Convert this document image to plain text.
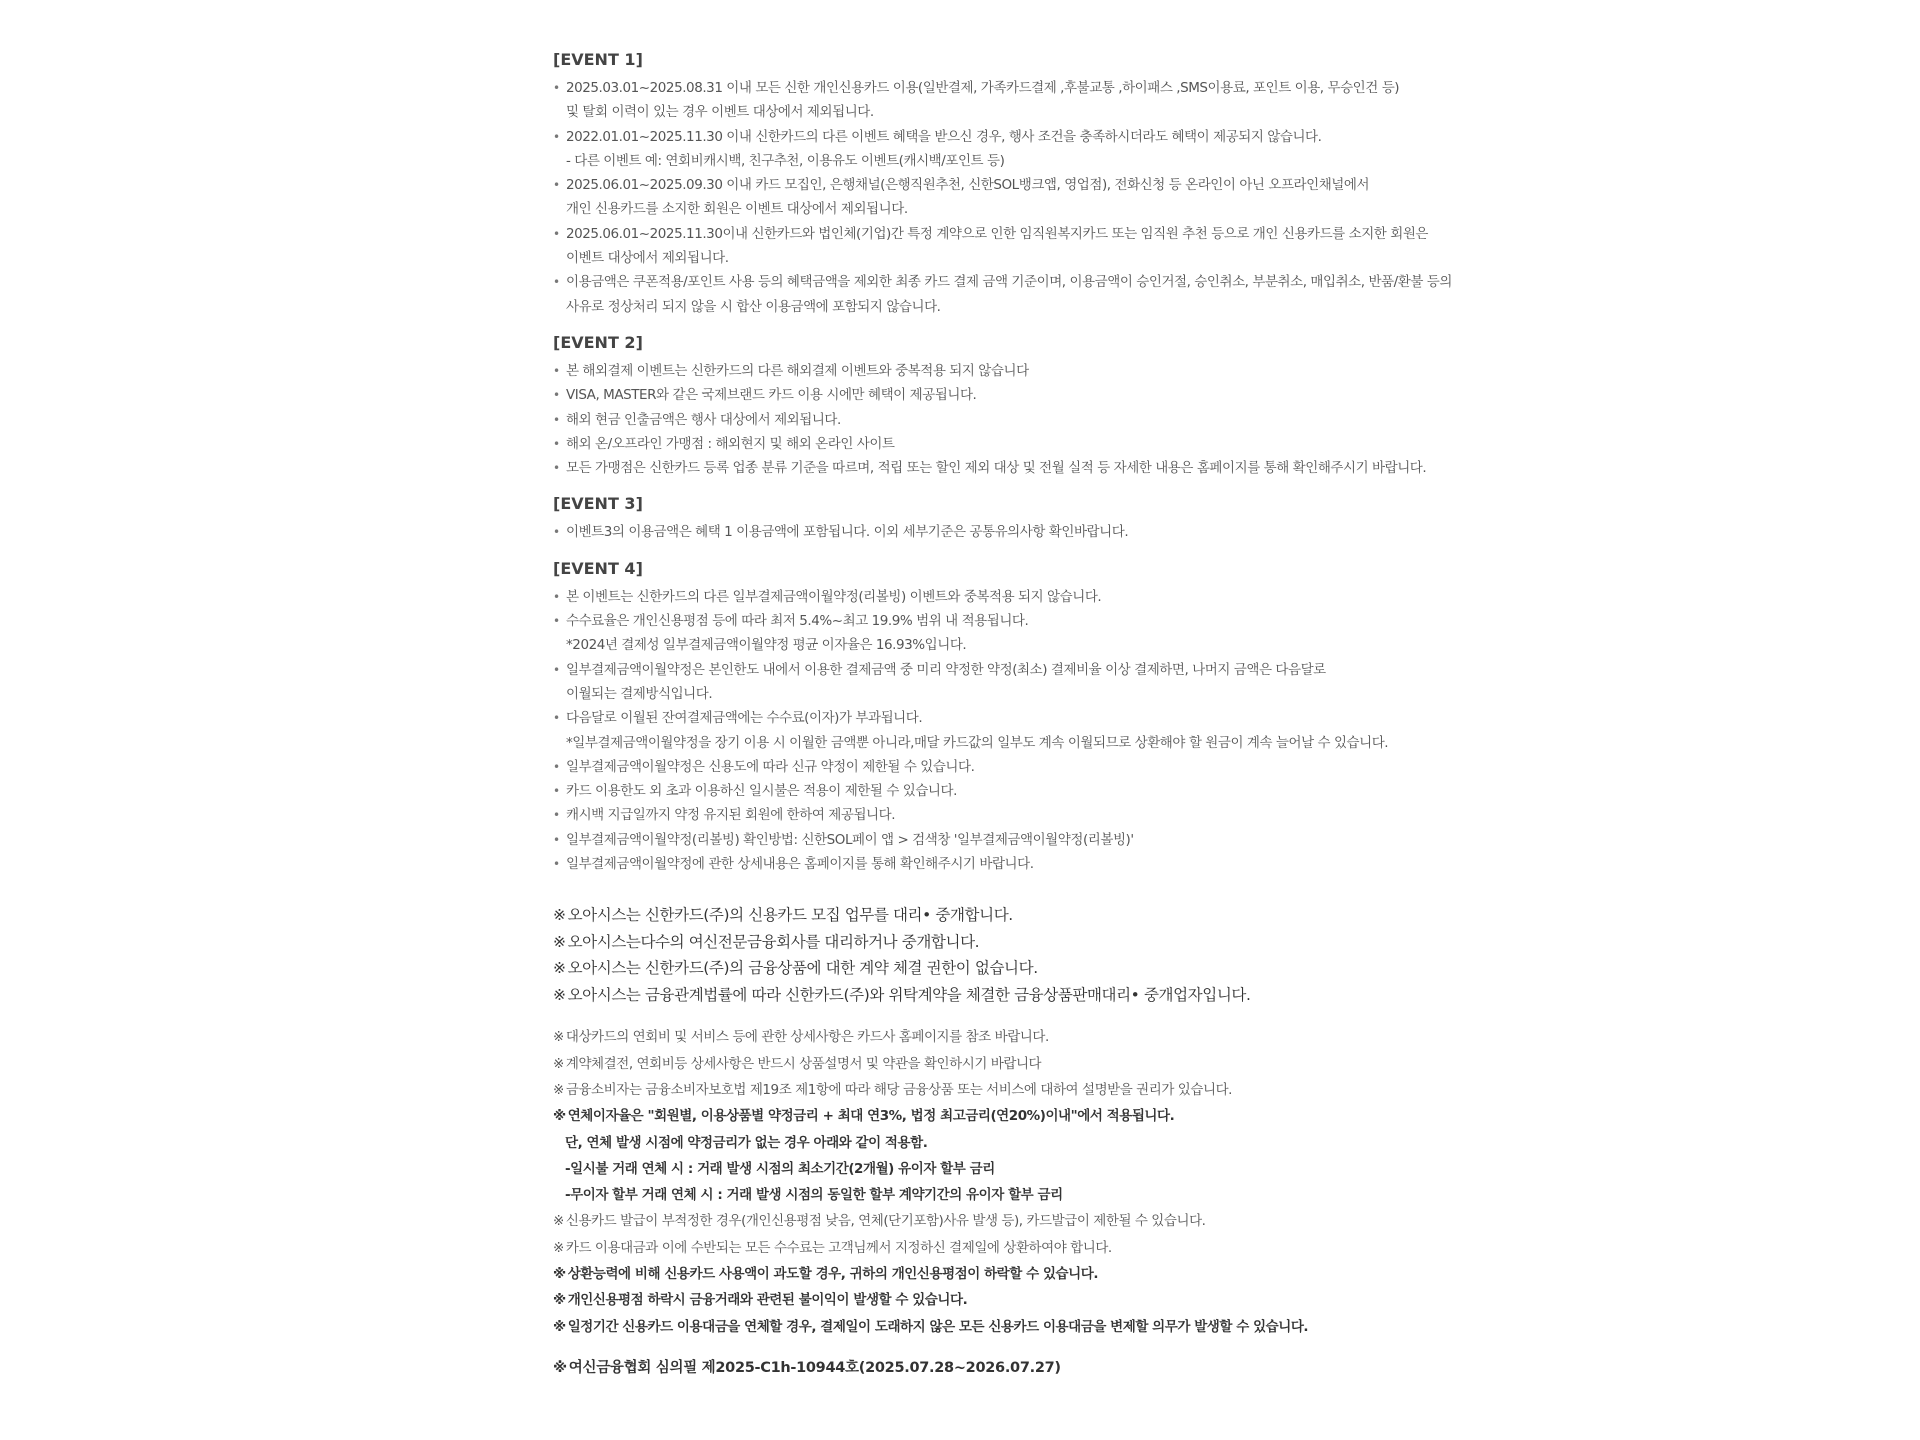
[EVENT 1]
• 2025.03.01~2025.08.31 이내 모든 신한 개인신용카드 이용(일반결제, 가족카드결제 ,후불교통 ,하이패스 ,SMS이용료, 포인트 이용, 무승인건 등)
및 탈회 이력이 있는 경우 이벤트 대상에서 제외됩니다.
• 2022.01.01~2025.11.30 이내 신한카드의 다른 이벤트 혜택을 받으신 경우, 행사 조건을 충족하시더라도 혜택이 제공되지 않습니다.
- 다른 이벤트 예: 연회비캐시백, 친구추천, 이용유도 이벤트(캐시백/포인트 등)
• 2025.06.01~2025.09.30 이내 카드 모집인, 은행채널(은행직원추천, 신한SOL뱅크앱, 영업점), 전화신청 등 온라인이 아닌 오프라인채널에서
개인 신용카드를 소지한 회원은 이벤트 대상에서 제외됩니다.
• 2025.06.01~2025.11.30이내 신한카드와 법인체(기업)간 특정 계약으로 인한 임직원복지카드 또는 임직원 추천 등으로 개인 신용카드를 소지한 회원은
이벤트 대상에서 제외됩니다.
• 이용금액은 쿠폰적용/포인트 사용 등의 혜택금액을 제외한 최종 카드 결제 금액 기준이며, 이용금액이 승인거절, 승인취소, 부분취소, 매입취소, 반품/환불 등의
사유로 정상처리 되지 않을 시 합산 이용금액에 포함되지 않습니다.
[EVENT 2]
• 본 해외결제 이벤트는 신한카드의 다른 해외결제 이벤트와 중복적용 되지 않습니다
• VISA, MASTER와 같은 국제브랜드 카드 이용 시에만 혜택이 제공됩니다.
• 해외 현금 인출금액은 행사 대상에서 제외됩니다.
• 해외 온/오프라인 가맹점 : 해외현지 및 해외 온라인 사이트
• 모든 가맹점은 신한카드 등록 업종 분류 기준을 따르며, 적립 또는 할인 제외 대상 및 전월 실적 등 자세한 내용은 홈페이지를 통해 확인해주시기 바랍니다.
[EVENT 3]
• 이벤트3의 이용금액은 혜택 1 이용금액에 포함됩니다. 이외 세부기준은 공통유의사항 확인바랍니다.
[EVENT 4]
• 본 이벤트는 신한카드의 다른 일부결제금액이월약정(리볼빙) 이벤트와 중복적용 되지 않습니다.
• 수수료율은 개인신용평점 등에 따라 최저 5.4%~최고 19.9% 범위 내 적용됩니다.
*2024년 결제성 일부결제금액이월약정 평균 이자율은 16.93%입니다.
• 일부결제금액이월약정은 본인한도 내에서 이용한 결제금액 중 미리 약정한 약정(최소) 결제비율 이상 결제하면, 나머지 금액은 다음달로
이월되는 결제방식입니다.
• 다음달로 이월된 잔여결제금액에는 수수료(이자)가 부과됩니다.
*일부결제금액이월약정을 장기 이용 시 이월한 금액뿐 아니라,매달 카드값의 일부도 계속 이월되므로 상환해야 할 원금이 계속 늘어날 수 있습니다.
• 일부결제금액이월약정은 신용도에 따라 신규 약정이 제한될 수 있습니다.
• 카드 이용한도 외 초과 이용하신 일시불은 적용이 제한될 수 있습니다.
• 캐시백 지급일까지 약정 유지된 회원에 한하여 제공됩니다.
• 일부결제금액이월약정(리볼빙) 확인방법: 신한SOL페이 앱 > 검색창 '일부결제금액이월약정(리볼빙)'
• 일부결제금액이월약정에 관한 상세내용은 홈페이지를 통해 확인해주시기 바랍니다.
※ 오아시스는 신한카드(주)의 신용카드 모집 업무를 대리• 중개합니다.
※ 오아시스는다수의 여신전문금융회사를 대리하거나 중개합니다.
※ 오아시스는 신한카드(주)의 금융상품에 대한 계약 체결 권한이 없습니다.
※ 오아시스는 금융관계법률에 따라 신한카드(주)와 위탁계약을 체결한 금융상품판매대리• 중개업자입니다.
※ 대상카드의 연회비 및 서비스 등에 관한 상세사항은 카드사 홈페이지를 참조 바랍니다.
※ 계약체결전, 연회비등 상세사항은 반드시 상품설명서 및 약관을 확인하시기 바랍니다
※ 금융소비자는 금융소비자보호법 제19조 제1항에 따라 해당 금융상품 또는 서비스에 대하여 설명받을 권리가 있습니다.
※ 연체이자율은 "회원별, 이용상품별 약정금리 + 최대 연3%, 법정 최고금리(연20%)이내"에서 적용됩니다.
단, 연체 발생 시점에 약정금리가 없는 경우 아래와 같이 적용함.
-일시불 거래 연체 시 : 거래 발생 시점의 최소기간(2개월) 유이자 할부 금리
-무이자 할부 거래 연체 시 : 거래 발생 시점의 동일한 할부 계약기간의 유이자 할부 금리
※ 신용카드 발급이 부적정한 경우(개인신용평점 낮음, 연체(단기포함)사유 발생 등), 카드발급이 제한될 수 있습니다.
※ 카드 이용대금과 이에 수반되는 모든 수수료는 고객님께서 지정하신 결제일에 상환하여야 합니다.
※ 상환능력에 비해 신용카드 사용액이 과도할 경우, 귀하의 개인신용평점이 하락할 수 있습니다.
※ 개인신용평점 하락시 금융거래와 관련된 불이익이 발생할 수 있습니다.
※ 일정기간 신용카드 이용대금을 연체할 경우, 결제일이 도래하지 않은 모든 신용카드 이용대금을 변제할 의무가 발생할 수 있습니다.
※ 여신금융협회 심의필 제2025-C1h-10944호(2025.07.28~2026.07.27)
